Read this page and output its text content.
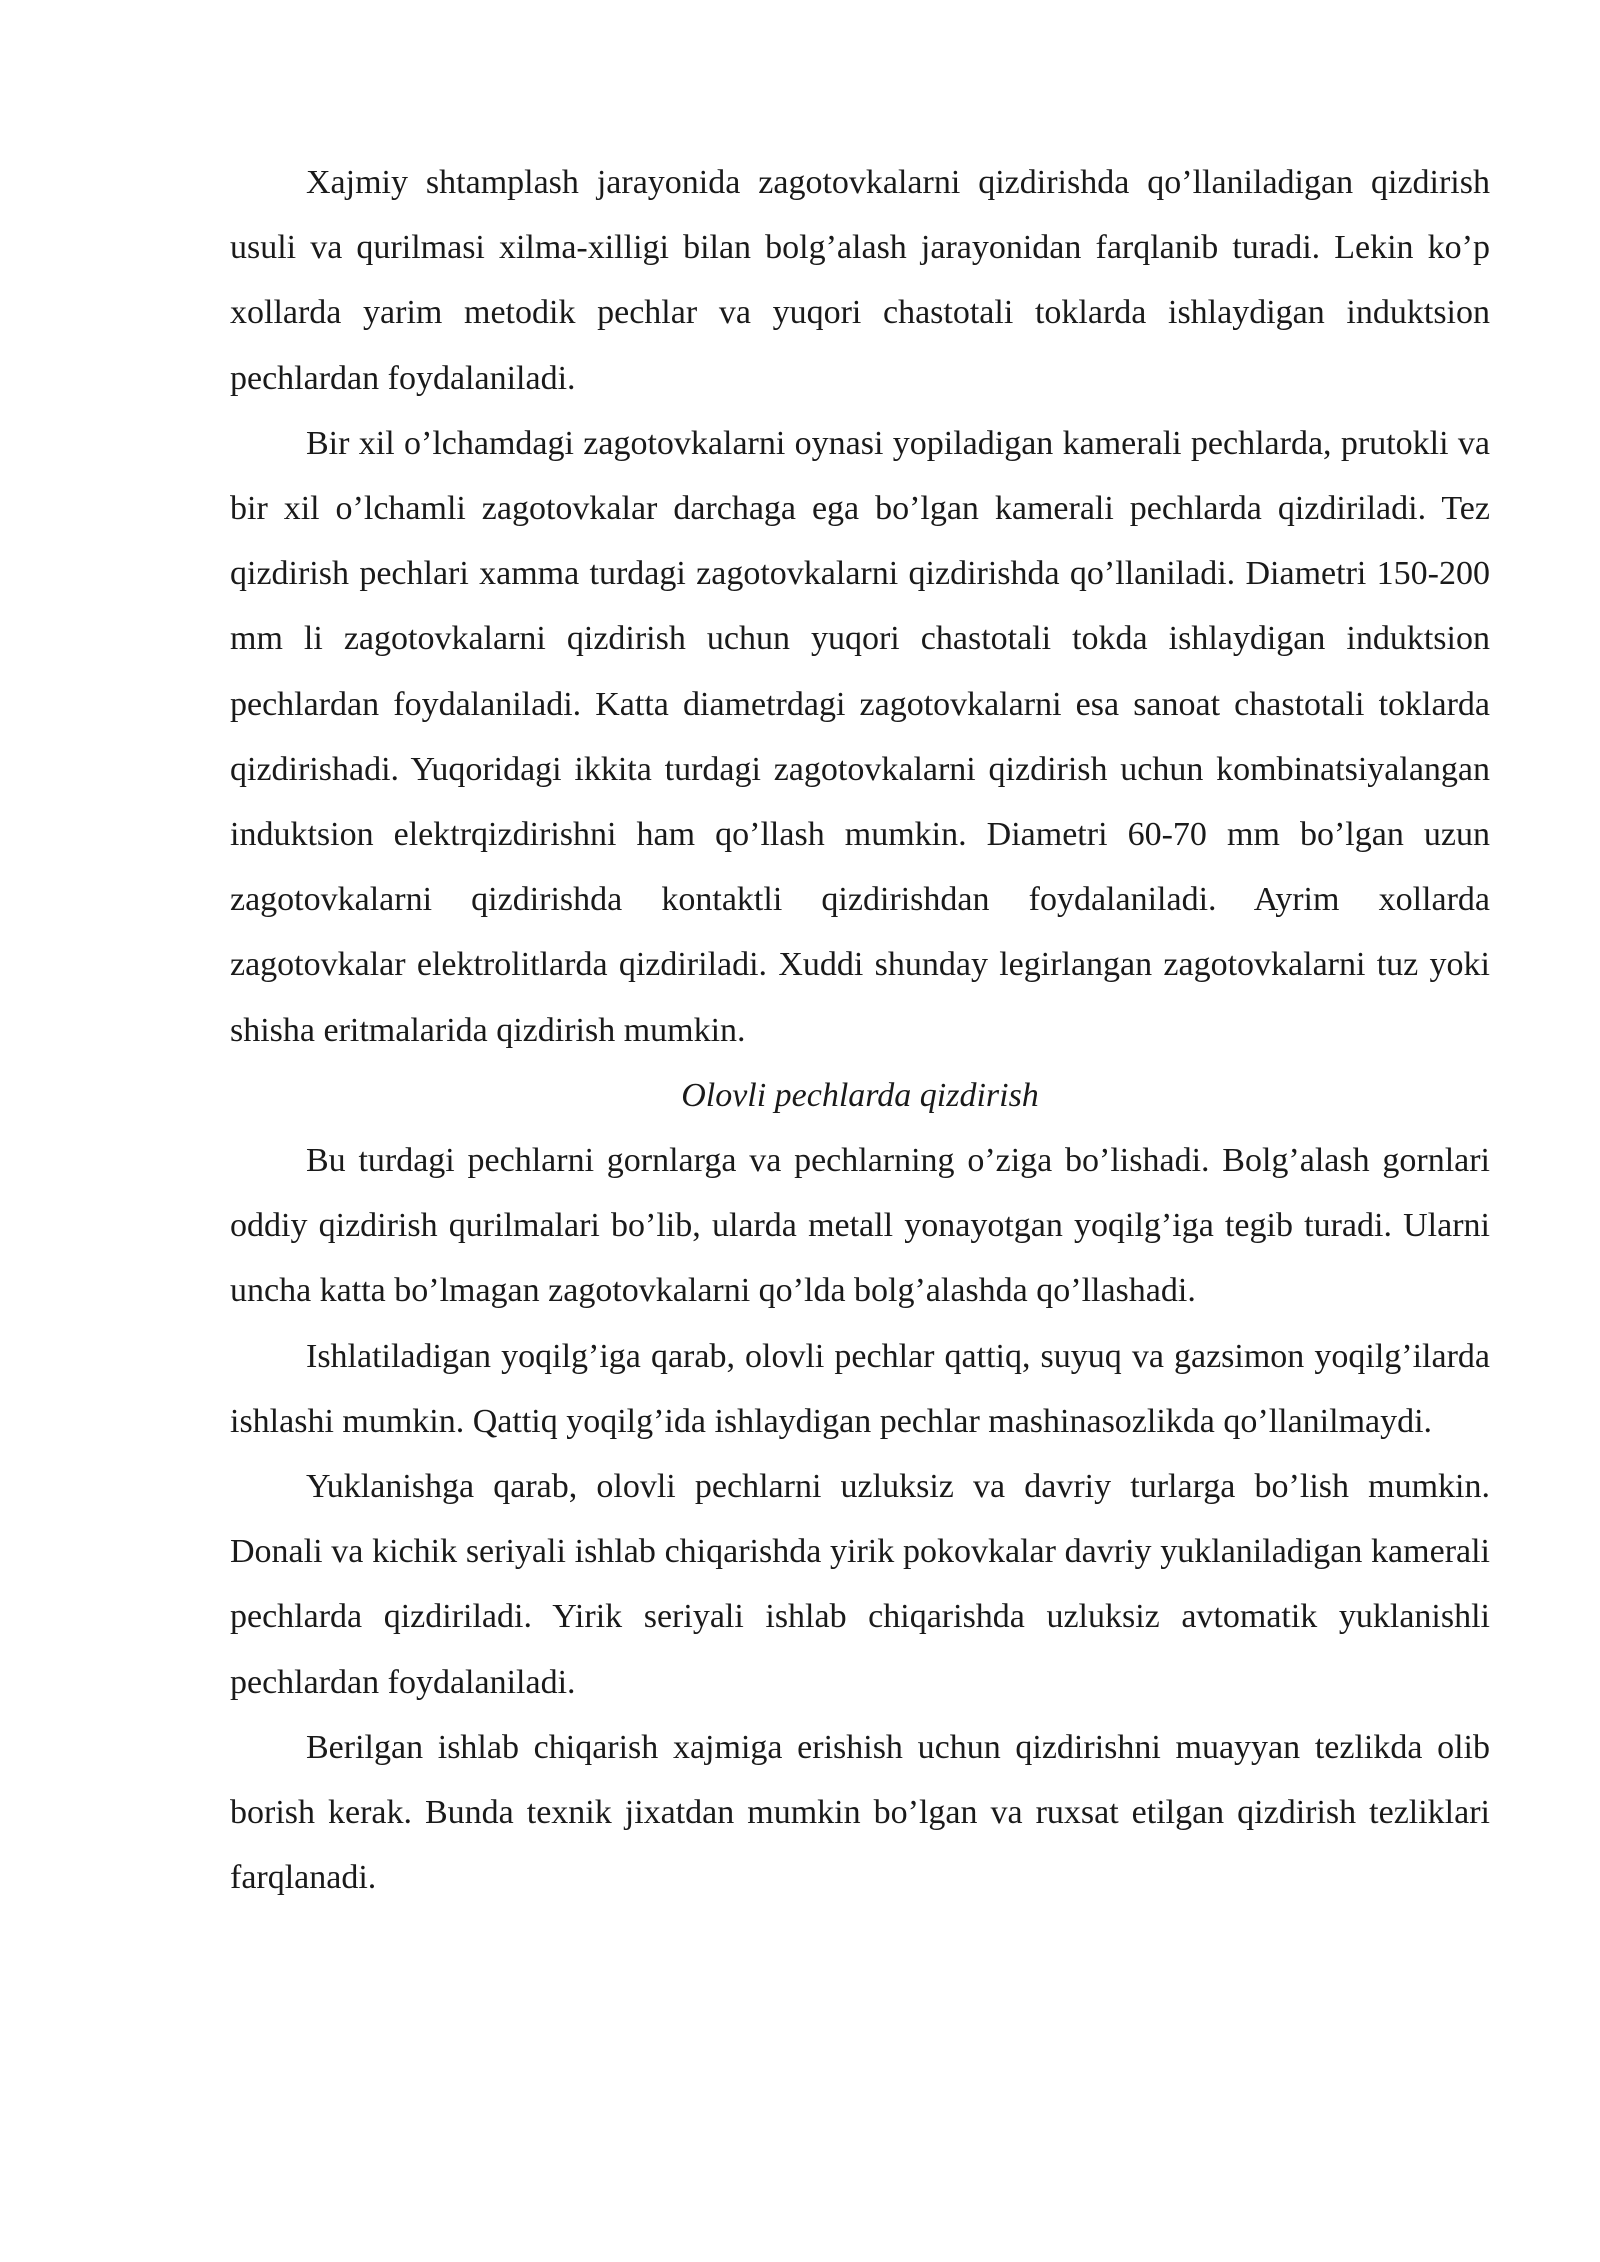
Xajmiy shtamplash jarayonida zagotovkalarni qizdirishda qo’llaniladigan qizdirish usuli va qurilmasi xilma-xilligi bilan bolg’alash jarayonidan farqlanib turadi. Lekin ko’p xollarda yarim metodik pechlar va yuqori chastotali toklarda ishlaydigan induktsion pechlardan foydalaniladi.

Bir xil o’lchamdagi zagotovkalarni oynasi yopiladigan kamerali pechlarda, prutokli va bir xil o’lchamli zagotovkalar darchaga ega bo’lgan kamerali pechlarda qizdiriladi. Tez qizdirish pechlari xamma turdagi zagotovkalarni qizdirishda qo’llaniladi. Diametri 150-200 mm li zagotovkalarni qizdirish uchun yuqori chastotali tokda ishlaydigan induktsion pechlardan foydalaniladi. Katta diametrdagi zagotovkalarni esa sanoat chastotali toklarda qizdirishadi. Yuqoridagi ikkita turdagi zagotovkalarni qizdirish uchun kombinatsiyalangan induktsion elektrqizdirishni ham qo’llash mumkin. Diametri 60-70 mm bo’lgan uzun zagotovkalarni qizdirishda kontaktli qizdirishdan foydalaniladi. Ayrim xollarda zagotovkalar elektrolitlarda qizdiriladi. Xuddi shunday legirlangan zagotovkalarni tuz yoki shisha eritmalarida qizdirish mumkin.

Olovli pechlarda qizdirish

Bu turdagi pechlarni gornlarga va pechlarning o’ziga bo’lishadi. Bolg’alash gornlari oddiy qizdirish qurilmalari bo’lib, ularda metall yonayotgan yoqilg’iga tegib turadi. Ularni uncha katta bo’lmagan zagotovkalarni qo’lda bolg’alashda qo’llashadi.

Ishlatiladigan yoqilg’iga qarab, olovli pechlar qattiq, suyuq va gazsimon yoqilg’ilarda ishlashi mumkin. Qattiq yoqilg’ida ishlaydigan pechlar mashinasozlikda qo’llanilmaydi.

Yuklanishga qarab, olovli pechlarni uzluksiz va davriy turlarga bo’lish mumkin. Donali va kichik seriyali ishlab chiqarishda yirik pokovkalar davriy yuklaniladigan kamerali pechlarda qizdiriladi. Yirik seriyali ishlab chiqarishda uzluksiz avtomatik yuklanishli pechlardan foydalaniladi.

Berilgan ishlab chiqarish xajmiga erishish uchun qizdirishni muayyan tezlikda olib borish kerak. Bunda texnik jixatdan mumkin bo’lgan va ruxsat etilgan qizdirish tezliklari farqlanadi.
